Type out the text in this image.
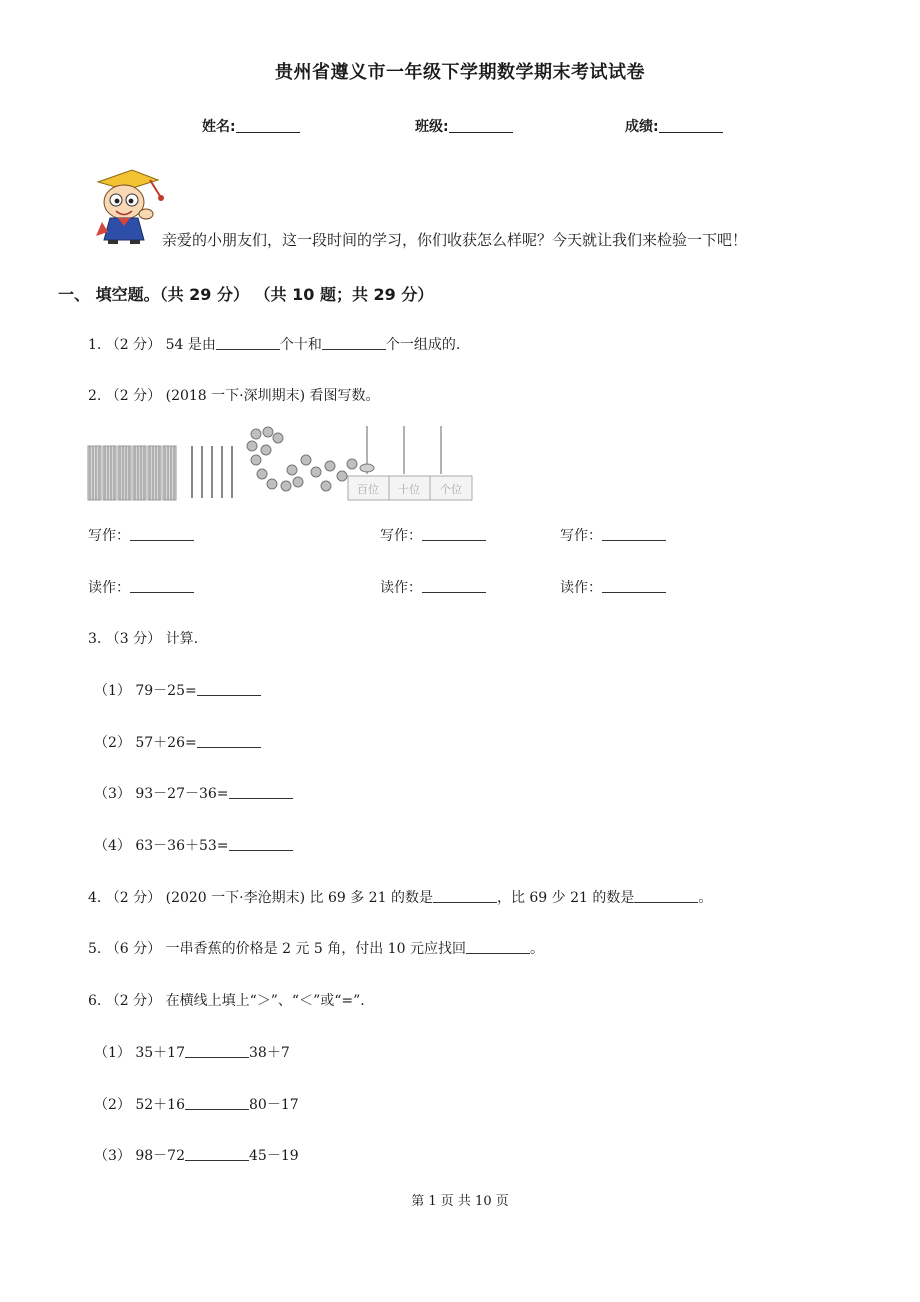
贵州省遵义市一年级下学期数学期末考试试卷
姓名:	班级:	成绩:
亲爱的小朋友们，这一段时间的学习，你们收获怎么样呢？今天就让我们来检验一下吧！
一、 填空题。（共 29 分） （共 10 题；共 29 分）
1. （2 分） 54 是由	个十和	个一组成的.
2. （2 分） (2018 一下·深圳期末) 看图写数。
百位 十位 个位
写作：	写作：	写作：
读作：	读作：	读作：
3. （3 分） 计算.
（1） 79－25=
（2） 57＋26=
（3） 93－27－36=
（4） 63－36＋53=
4. （2 分） (2020 一下·李沧期末) 比 69 多 21 的数是	，比 69 少 21 的数是	。
5. （6 分） 一串香蕉的价格是 2 元 5 角，付出 10 元应找回	。
6. （2 分） 在横线上填上“＞”、“＜”或“=”.
（1） 35＋17	38＋7
（2） 52＋16	80－17
（3） 98－72	45－19
第 1 页 共 10 页
